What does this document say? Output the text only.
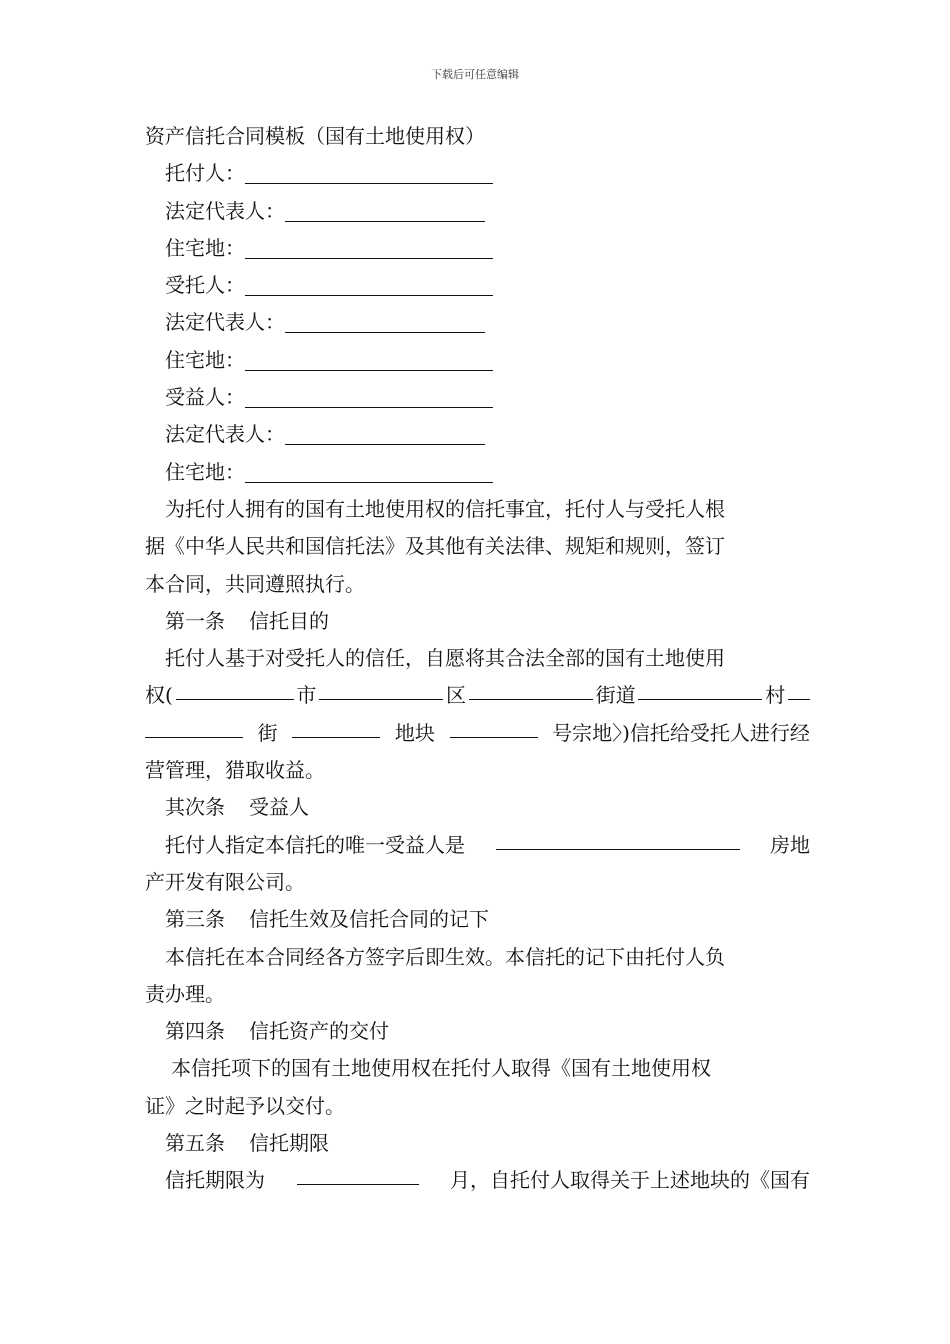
下载后可任意编辑
资产信托合同模板（国有土地使用权）
托付人：
法定代表人：
住宅地：
受托人：
法定代表人：
住宅地：
受益人：
法定代表人：
住宅地：
为托付人拥有的国有土地使用权的信托事宜，托付人与受托人根
据《中华人民共和国信托法》及其他有关法律、规矩和规则，签订
本合同，共同遵照执行。
第一条 信托目的
托付人基于对受托人的信任，自愿将其合法全部的国有土地使用
权(	市	区	街道	村
街	地块	号宗地〉)信托给受托人进行经
营管理，猎取收益。
其次条 受益人
托付人指定本信托的唯一受益人是	房地
产开发有限公司。
第三条 信托生效及信托合同的记下
本信托在本合同经各方签字后即生效。本信托的记下由托付人负
责办理。
第四条 信托资产的交付
本信托项下的国有土地使用权在托付人取得《国有土地使用权
证》之时起予以交付。
第五条 信托期限
信托期限为	月，自托付人取得关于上述地块的《国有
